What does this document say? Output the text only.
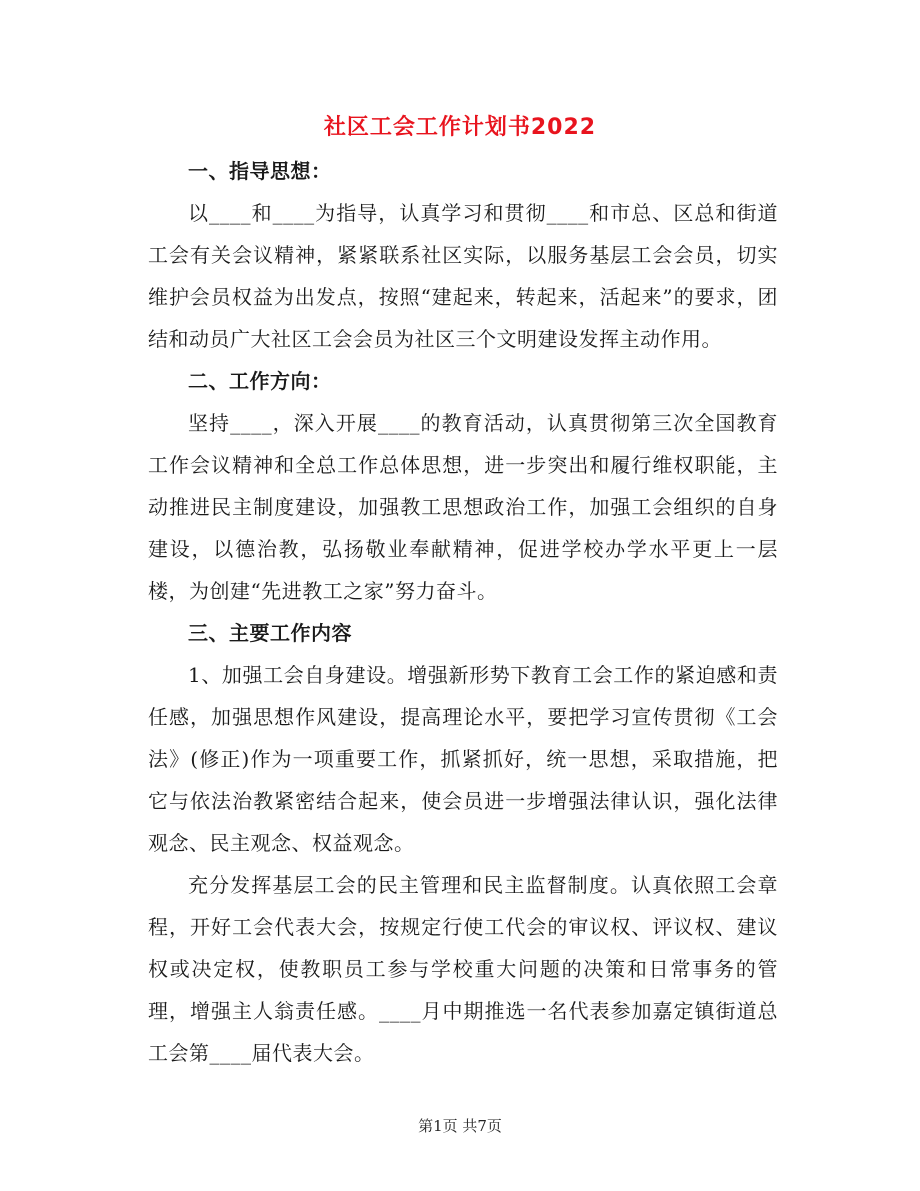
社区工会工作计划书2022

一、指导思想：

以____和____为指导，认真学习和贯彻____和市总、区总和街道工会有关会议精神，紧紧联系社区实际，以服务基层工会会员，切实维护会员权益为出发点，按照“建起来，转起来，活起来”的要求，团结和动员广大社区工会会员为社区三个文明建设发挥主动作用。

二、工作方向：

坚持____，深入开展____的教育活动，认真贯彻第三次全国教育工作会议精神和全总工作总体思想，进一步突出和履行维权职能，主动推进民主制度建设，加强教工思想政治工作，加强工会组织的自身建设，以德治教，弘扬敬业奉献精神，促进学校办学水平更上一层楼，为创建“先进教工之家”努力奋斗。

三、主要工作内容

1、加强工会自身建设。增强新形势下教育工会工作的紧迫感和责任感，加强思想作风建设，提高理论水平，要把学习宣传贯彻《工会法》(修正)作为一项重要工作，抓紧抓好，统一思想，采取措施，把它与依法治教紧密结合起来，使会员进一步增强法律认识，强化法律观念、民主观念、权益观念。

充分发挥基层工会的民主管理和民主监督制度。认真依照工会章程，开好工会代表大会，按规定行使工代会的审议权、评议权、建议权或决定权，使教职员工参与学校重大问题的决策和日常事务的管理，增强主人翁责任感。____月中期推选一名代表参加嘉定镇街道总工会第____届代表大会。

第1页 共7页
